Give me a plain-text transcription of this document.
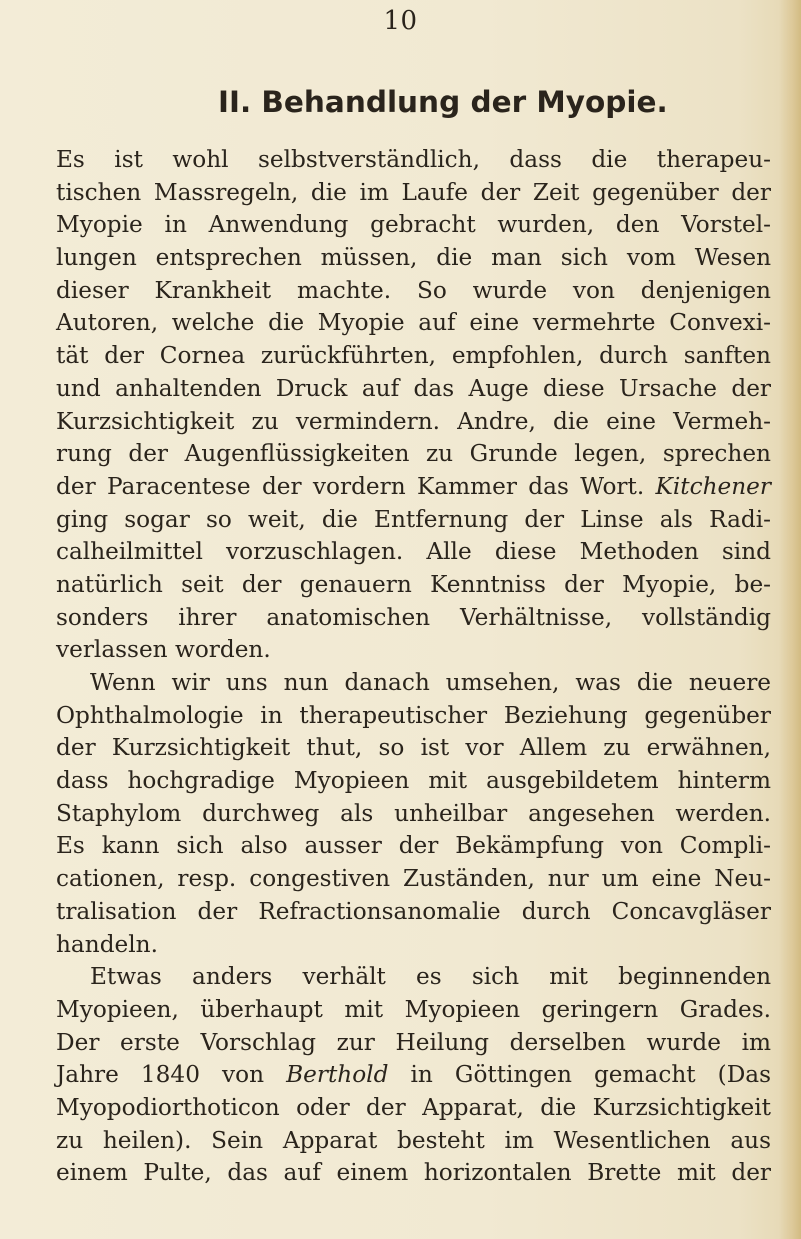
10
II. Behandlung der Myopie.
Es ist wohl selbstverständlich, dass die therapeu-
tischen Massregeln, die im Laufe der Zeit gegenüber der
Myopie in Anwendung gebracht wurden, den Vorstel-
lungen entsprechen müssen, die man sich vom Wesen
dieser Krankheit machte. So wurde von denjenigen
Autoren, welche die Myopie auf eine vermehrte Convexi-
tät der Cornea zurückführten, empfohlen, durch sanften
und anhaltenden Druck auf das Auge diese Ursache der
Kurzsichtigkeit zu vermindern. Andre, die eine Vermeh-
rung der Augenflüssigkeiten zu Grunde legen, sprechen
der Paracentese der vordern Kammer das Wort. Kitchener
ging sogar so weit, die Entfernung der Linse als Radi-
calheilmittel vorzuschlagen. Alle diese Methoden sind
natürlich seit der genauern Kenntniss der Myopie, be-
sonders ihrer anatomischen Verhältnisse, vollständig
verlassen worden.
Wenn wir uns nun danach umsehen, was die neuere
Ophthalmologie in therapeutischer Beziehung gegenüber
der Kurzsichtigkeit thut, so ist vor Allem zu erwähnen,
dass hochgradige Myopieen mit ausgebildetem hinterm
Staphylom durchweg als unheilbar angesehen werden.
Es kann sich also ausser der Bekämpfung von Compli-
cationen, resp. congestiven Zuständen, nur um eine Neu-
tralisation der Refractionsanomalie durch Concavgläser
handeln.
Etwas anders verhält es sich mit beginnenden
Myopieen, überhaupt mit Myopieen geringern Grades.
Der erste Vorschlag zur Heilung derselben wurde im
Jahre 1840 von Berthold in Göttingen gemacht (Das
Myopodiorthoticon oder der Apparat, die Kurzsichtigkeit
zu heilen). Sein Apparat besteht im Wesentlichen aus
einem Pulte, das auf einem horizontalen Brette mit der
